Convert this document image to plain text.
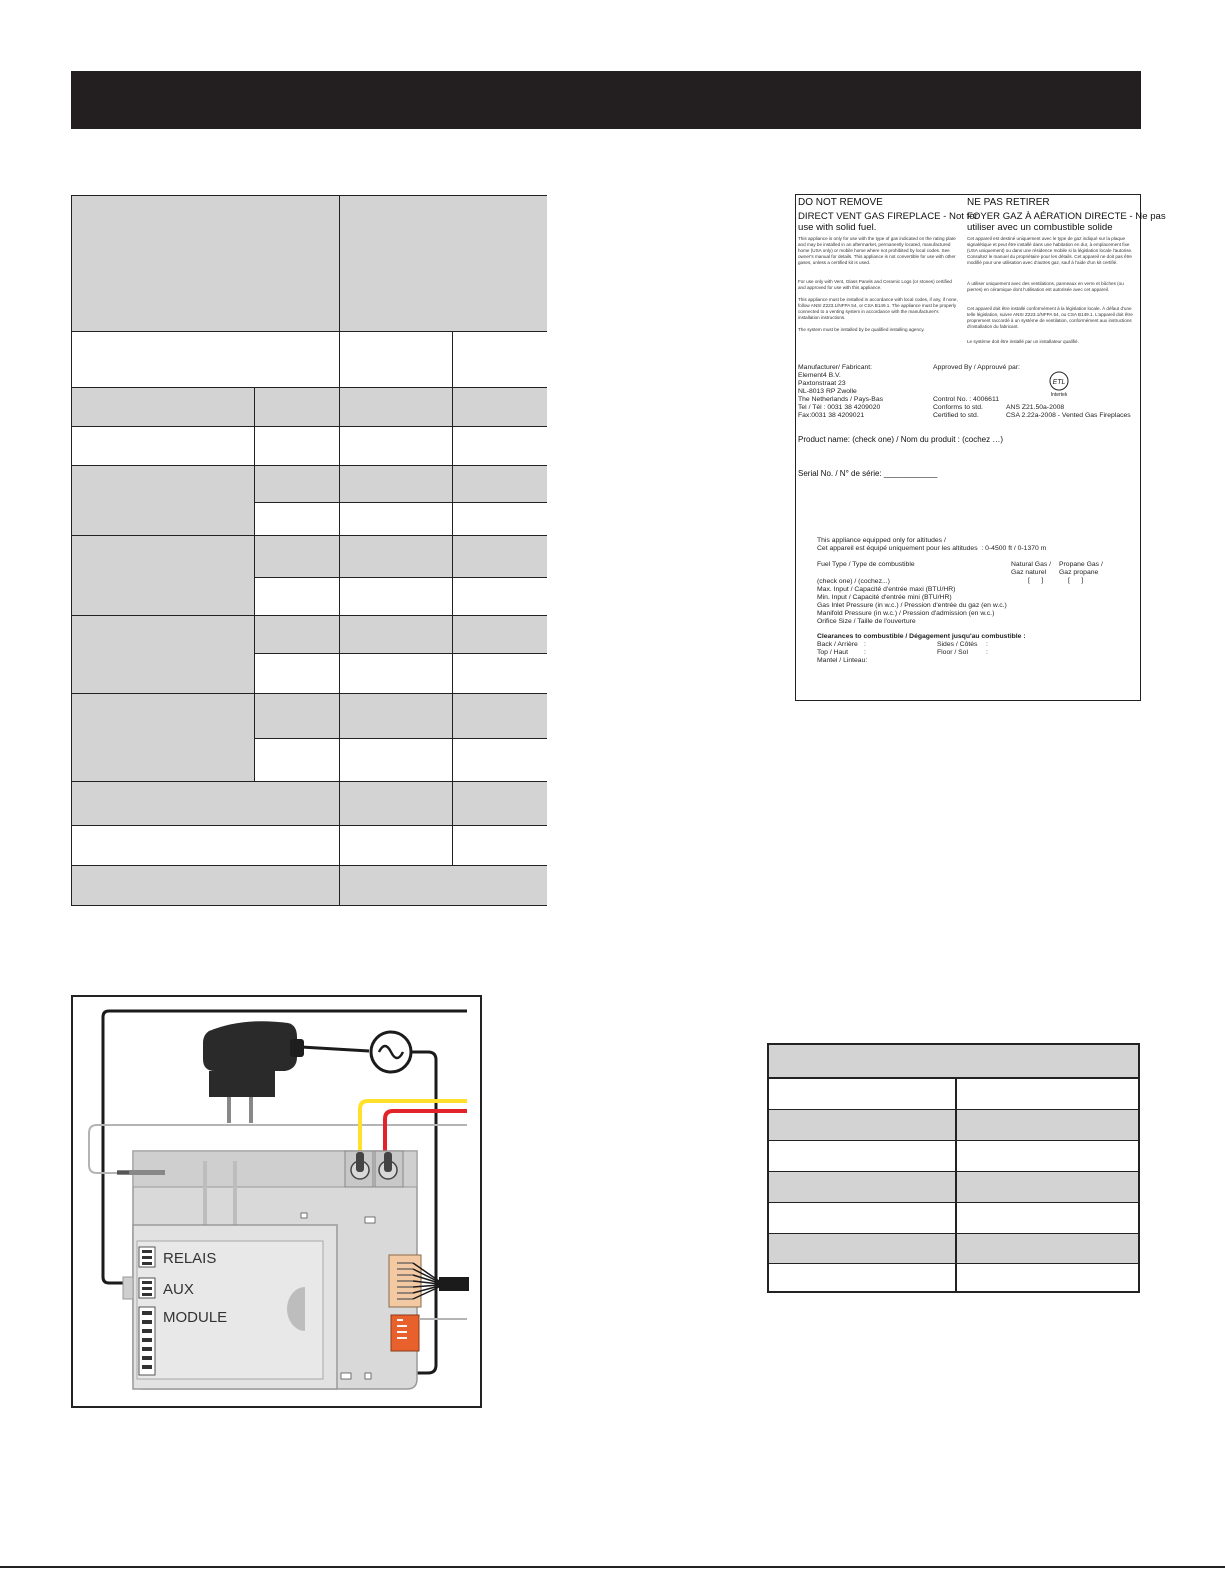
DO NOT REMOVE
DIRECT VENT GAS FIREPLACE - Not for
use with solid fuel.
This appliance is only for use with the type of gas indicated on the rating plate and may be installed in an aftermarket, permanently located, manufactured home (USA only) or mobile home where not prohibited by local codes. See owner's manual for details. This appliance is not convertible for use with other gases, unless a certified kit is used.
For use only with Vent, Glass Panels and Ceramic Logs (or stones) certified and approved for use with this appliance.
This appliance must be installed in accordance with local codes, if any, if none, follow ANSI Z223.1/NFPA 54, or CSA B149.1. The appliance must be properly connected to a venting system in accordance with the manufacturer's installation instructions.
The system must be installed by be qualified installing agency.
NE PAS RETIRER
FOYER GAZ À AÉRATION DIRECTE - Ne pas
utiliser avec un combustible solide
Cet appareil est destiné uniquement avec le type de gaz indiqué sur la plaque signalétique et peut être installé dans une habitation en dur, à emplacement fixe (USA uniquement) ou dans une résidence mobile si la législation locale l'autorise. Consultez le manuel du propriétaire pour les détails. Cet appareil ne doit pas être modifié pour une utilisation avec d'autres gaz, sauf à l'aide d'un kit certifié.
À utiliser uniquement avec des ventilations, panneaux en verre et bûches (ou pierres) en céramique dont l'utilisation est autorisée avec cet appareil.
Cet appareil doit être installé conformément à la législation locale. À défaut d'une telle législation, suivre ANSI Z223.1/NFPA 54, ou CSA B149.1. L'appareil doit être proprement raccordé à un système de ventilation, conformément aux instructions d'installation du fabricant.
Le système doit être installé par un installateur qualifié.
Manufacturer/ Fabricant:
Element4 B.V.
Paxtonstraat 23
NL-8013 RP Zwolle
The Netherlands / Pays-Bas
Tel / Tél : 0031 38 4209020
Fax:0031 38 4209021
Approved By / Approuvé par:
Control No. : 4006611
Conforms to std.	ANS Z21.50a-2008
Certified to std.	CSA 2.22a-2008 - Vented Gas Fireplaces
Product name: (check one) / Nom du produit : (cochez …)
Serial No. / N° de série: ____________
This appliance equipped only for altitudes /
Cet appareil est équipé uniquement pour les altitudes  : 0-4500 ft / 0-1370 m
Fuel Type / Type de combustible	Natural Gas /
Gaz naturel
Propane Gas /
Gaz propane
[      ]	[      ]
(check one) / (cochez...)
Max. Input / Capacité d'entrée maxi (BTU/HR)
Min. Input / Capacité d'entrée mini (BTU/HR)
Gas Inlet Pressure (in w.c.) / Pression d'entrée du gaz (en w.c.)
Manifold Pressure (in w.c.) / Pression d'admission (en w.c.)
Orifice Size / Taille de l'ouverture
Clearances to combustible / Dégagement jusqu'au combustible :
Back / Arrière :	Sides / Côtés :
Top / Haut :	Floor / Sol	:
Mantel / Linteau:
ETL
Intertek
RELAIS
AUX
MODULE
